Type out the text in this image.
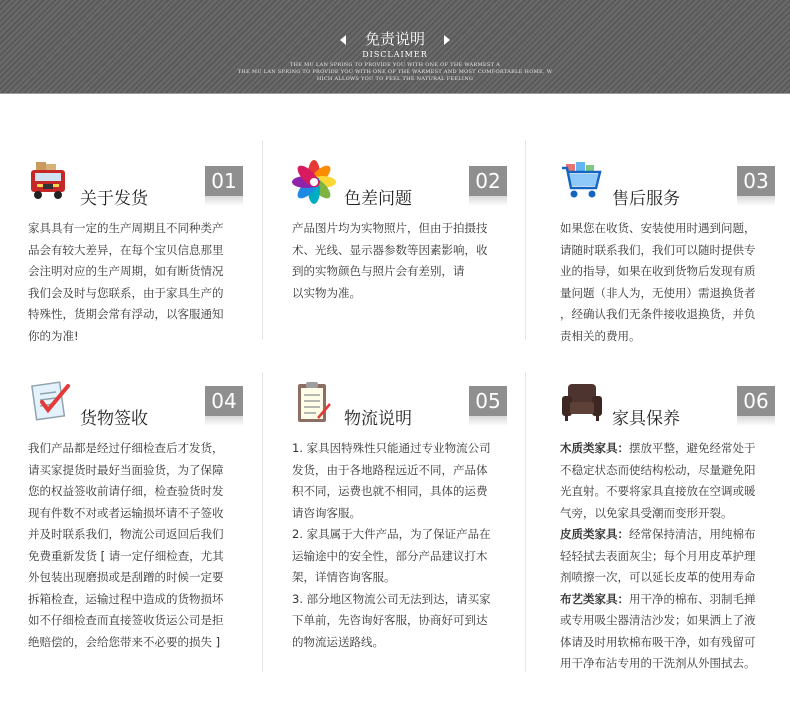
免责说明
DISCLAIMER
THE MU LAN SPRING TO PROVIDE YOU WITH ONE OF THE WARMEST A
THE MU LAN SPRING TO PROVIDE YOU WITH ONE OF THE WARMEST AND MOST COMFORTABLE HOME, W
HICH ALLOWS YOU TO FEEL THE NATURAL FEELING
关于发货
01

家具具有一定的生产周期且不同种类产

品会有较大差异，在每个宝贝信息那里

会注明对应的生产周期，如有断货情况

我们会及时与您联系，由于家具生产的

特殊性，货期会常有浮动，以客服通知

你的为准!

色差问题
02

产品图片均为实物照片，但由于拍摄技

术、光线、显示器参数等因素影响，收

到的实物颜色与照片会有差别，请

以实物为准。

售后服务
03

如果您在收货、安装使用时遇到问题，

请随时联系我们，我们可以随时提供专

业的指导，如果在收到货物后发现有质

量问题（非人为，无使用）需退换货者

，经确认我们无条件接收退换货，并负

责相关的费用。

货物签收
04

我们产品都是经过仔细检查后才发货，

请买家提货时最好当面验货，为了保障

您的权益签收前请仔细，检查验货时发

现有件数不对或者运输损坏请不子签收

并及时联系我们，物流公司返回后我们

免费重新发货 [ 请一定仔细检查，尤其

外包装出现磨损或是刮蹭的时候一定要

拆箱检查，运输过程中造成的货物损坏

如不仔细检查而直接签收货运公司是拒

绝赔偿的，会给您带来不必要的损失 ]

物流说明
05

1. 家具因特殊性只能通过专业物流公司

发货，由于各地路程远近不同，产品体

积不同，运费也就不相同，具体的运费

请咨询客服。

2. 家具属于大件产品，为了保证产品在

运输途中的安全性，部分产品建议打木

架，详情咨询客服。

3. 部分地区物流公司无法到达，请买家

下单前，先咨询好客服，协商好可到达

的物流运送路线。

家具保养
06

木质类家具：摆放平整，避免经常处于

不稳定状态而使结构松动，尽量避免阳

光直射。不要将家具直接放在空调或暖

气旁，以免家具受潮而变形开裂。

皮质类家具：经常保持清洁，用纯棉布

轻轻拭去表面灰尘；每个月用皮革护理

剂喷擦一次，可以延长皮革的使用寿命

布艺类家具：用干净的棉布、羽制毛掸

或专用吸尘器清洁沙发；如果洒上了液

体请及时用软棉布吸干净，如有残留可

用干净布沾专用的干洗剂从外围拭去。
